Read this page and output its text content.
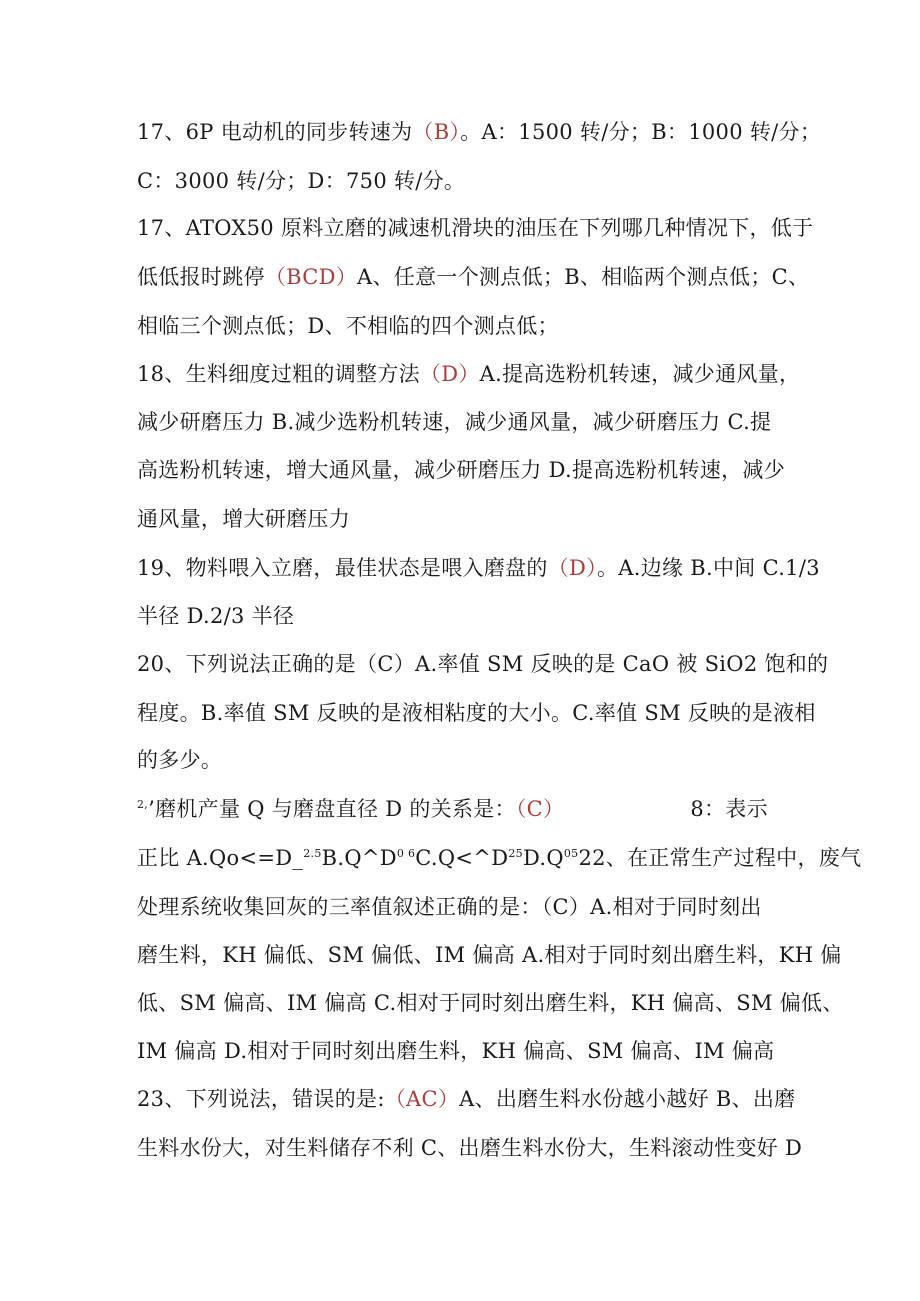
17、6P 电动机的同步转速为（B）。A：1500 转/分；B：1000 转/分；
C：3000 转/分；D：750 转/分。
17、ATOX50 原料立磨的减速机滑块的油压在下列哪几种情况下，低于
低低报时跳停（BCD）A、任意一个测点低；B、相临两个测点低；C、
相临三个测点低；D、不相临的四个测点低；
18、生料细度过粗的调整方法（D）A.提高选粉机转速，减少通风量，
减少研磨压力 B.减少选粉机转速，减少通风量，减少研磨压力 C.提
高选粉机转速，增大通风量，减少研磨压力 D.提高选粉机转速，减少
通风量，增大研磨压力
19、物料喂入立磨，最佳状态是喂入磨盘的（D）。A.边缘 B.中间 C.1/3
半径 D.2/3 半径
20、下列说法正确的是（C）A.率值 SM 反映的是 CaO 被 SiO2 饱和的
程度。B.率值 SM 反映的是液相粘度的大小。C.率值 SM 反映的是液相
的多少。
$^{2,}$’磨机产量 Q 与磨盘直径 D 的关系是：（C）	8：表示
正比 $A.Qo<=D\_^{2.5}B.Q\^{}D^{0 6}C.Q<\^{}D^{25}D.Q^{05}22$、在正常生产过程中，废气
处理系统收集回灰的三率值叙述正确的是：（C）A.相对于同时刻出
磨生料，KH 偏低、SM 偏低、IM 偏高 A.相对于同时刻出磨生料，KH 偏
低、SM 偏高、IM 偏高 C.相对于同时刻出磨生料，KH 偏高、SM 偏低、
IM 偏高 D.相对于同时刻出磨生料，KH 偏高、SM 偏高、IM 偏高
23、下列说法，错误的是:（AC）A、出磨生料水份越小越好 B、出磨
生料水份大，对生料储存不利 C、出磨生料水份大，生料滚动性变好 D
